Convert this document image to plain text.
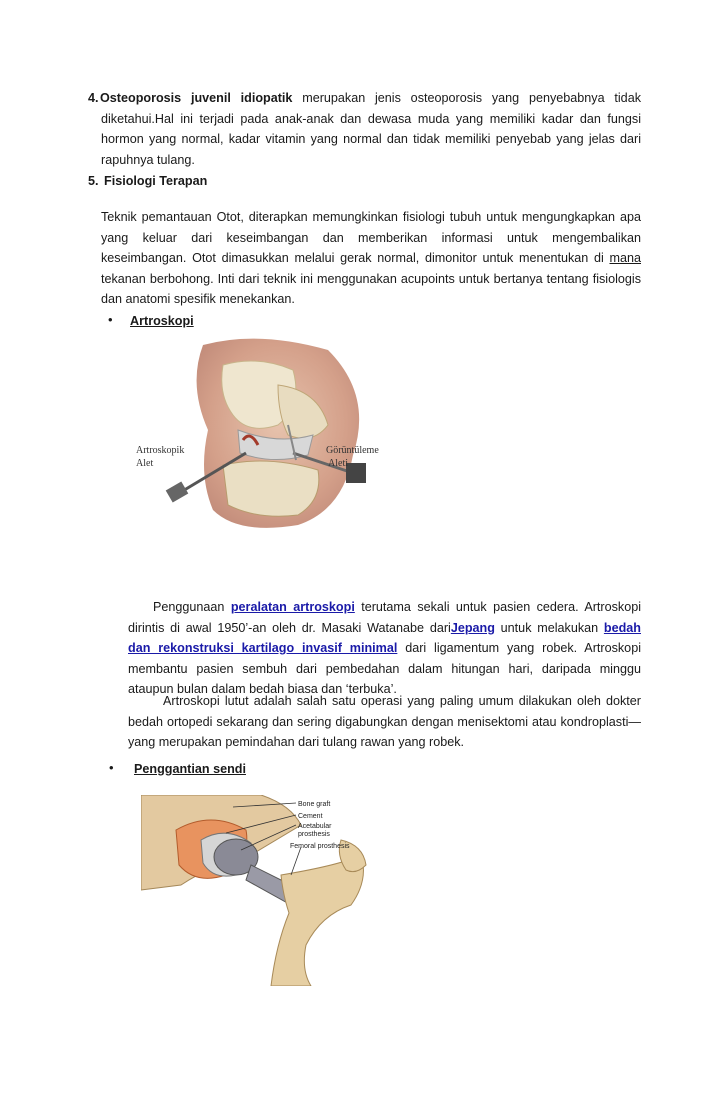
4. Osteoporosis juvenil idiopatik merupakan jenis osteoporosis yang penyebabnya tidak diketahui.Hal ini terjadi pada anak-anak dan dewasa muda yang memiliki kadar dan fungsi hormon yang normal, kadar vitamin yang normal dan tidak memiliki penyebab yang jelas dari rapuhnya tulang.
5. Fisiologi Terapan
Teknik pemantauan Otot, diterapkan memungkinkan fisiologi tubuh untuk mengungkapkan apa yang keluar dari keseimbangan dan memberikan informasi untuk mengembalikan keseimbangan. Otot dimasukkan melalui gerak normal, dimonitor untuk menentukan di mana tekanan berbohong. Inti dari teknik ini menggunakan acupoints untuk bertanya tentang fisiologis dan anatomi spesifik menekankan.
• Artroskopi
Artroskopik
Alet
Görüntüleme
Aleti
Penggunaan peralatan artroskopi terutama sekali untuk pasien cedera. Artroskopi dirintis di awal 1950’-an oleh dr. Masaki Watanabe dariJepang untuk melakukan bedah dan rekonstruksi kartilago invasif minimal dari ligamentum yang robek. Artroskopi membantu pasien sembuh dari pembedahan dalam hitungan hari, daripada minggu ataupun bulan dalam bedah biasa dan ‘terbuka’.
Artroskopi lutut adalah salah satu operasi yang paling umum dilakukan oleh dokter bedah ortopedi sekarang dan sering digabungkan dengan menisektomi atau kondroplasti—yang merupakan pemindahan dari tulang rawan yang robek.
• Penggantian sendi
Bone graft
Cement
Acetabular
prosthesis
Femoral prosthesis
